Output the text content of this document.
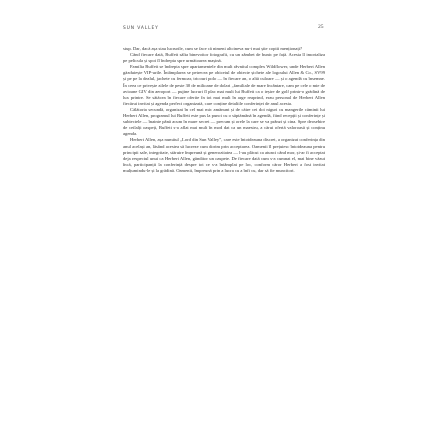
SUN VALLEY	25

stup. Dar, dacă așa stau lucrurile, cum se face că nimeni altcineva nu-i mai știe copiii menționați?

Când fiecare dată, Buffett sălta binevoitor fotografii, cu un zâmbet de bunic pe față. Acesta îl imortaliza pe pelicula și spoi îl îndrepta spre următoarea mașină.

Familia Buffett se îndrepta spre apartamentele din mult râvnitul complex Wildflower, unde Herbert Allen găzduiește VIP-urile. Întâmplarea se petrecea pe obiceiul de obiecte șichete ale logoului Allen & Co., SV99 și pe pe la dealul, jachete cu fermoar, tricouri polo — în fiecare an, o altă culoare — și o agendă cu însemne. În ceea ce privește zilele de peste 30 de milioane de dolari „familiale de mare încântare, cam pe cele o mie de avioane GIV din aeroport — pujine lucruri îl plac mai mult lui Buffett ca o ieșire de golf printr-o grădină de lux printre. Se sătăcea în fiecare oferite în tot mai mult în arge reaprind, erau personal de Herbert Allen fiecărui invitat și agenda perfect organizată, care conține detaliile conferinței de anul acesta.

Călătoria secundă, organizat în cel mai mic amănunt și de către cei doi niguri cu mangerile căminii lui Herbert Allen, programul lui Buffett este pus la punct cu o săptămână în agendă, fiind recepții și conferințe și subiectele — înainte până acum în mare secret — precum și orele la care se va prânzi și cina. Spre deosebire de ceilalți oaspeți, Buffett s-a aflat mai mult în mod dat ca un maestru, a cărui ofertă valoroasă și conținu agenda.

Herbert Allen, așa numitul „Lord din Sun Valley”, care este întotdeauna discret, a organizat conferința din anul același an, lăsând acestea să lucreze cum dorim prin acceptarea. Oamenii îl prețuiesc întotdeauna pentru principii sale, integritate, stăruire împreună și generozitatea — l-au plăcut ca atunci când mor, și-ar fi acceptat deja respectul unui ca Herbert Allen, gănditor un oaspete. De fiecare dată cum s-a cumnat el, mai bine văzut încă, participanții la conferință despre tot ce s-a întâmplat pe loc, conform căror Herbert a fost invitat mulțumindu-le și la grădină. Oamenii, împreună prin a lucra cu a înfi cu, dar să fie muncitori.
